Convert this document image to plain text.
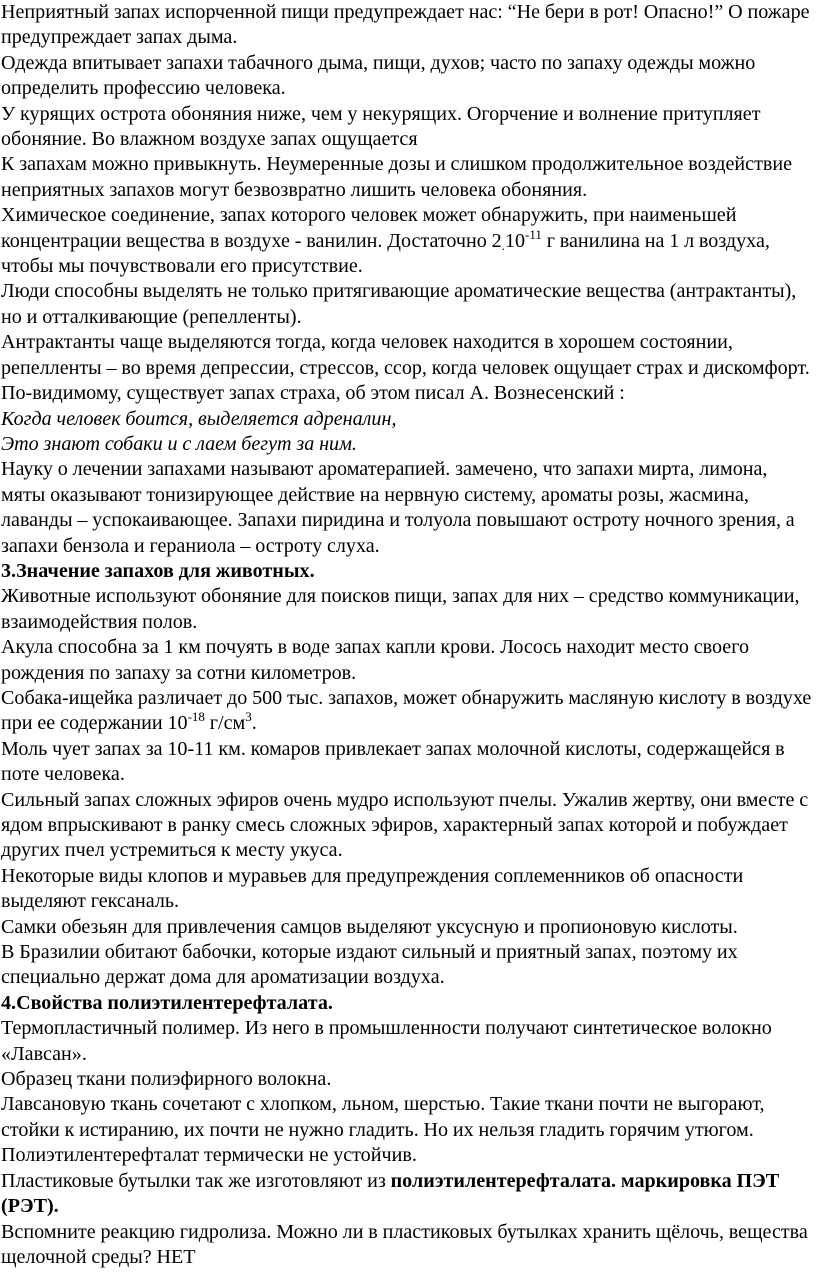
Неприятный запах испорченной пищи предупреждает нас: “Не бери в рот! Опасно!” О пожаре предупреждает запах дыма.

Одежда впитывает запахи табачного дыма, пищи, духов; часто по запаху одежды можно определить профессию человека.

У курящих острота обоняния ниже, чем у некурящих. Огорчение и волнение притупляет обоняние. Во влажном воздухе запах ощущается

К запахам можно привыкнуть. Неумеренные дозы и слишком продолжительное воздействие неприятных запахов могут безвозвратно лишить человека обоняния.

Химическое соединение, запах которого человек может обнаружить, при наименьшей концентрации вещества в воздухе - ванилин. Достаточно $2.10^{-11}$ г ванилина на 1 л воздуха, чтобы мы почувствовали его присутствие.

Люди способны выделять не только притягивающие ароматические вещества (антрактанты), но и отталкивающие (репелленты).

Антрактанты чаще выделяются тогда, когда человек находится в хорошем состоянии, репелленты – во время депрессии, стрессов, ссор, когда человек ощущает страх и дискомфорт. По-видимому, существует запах страха, об этом писал А. Вознесенский :

Когда человек боится, выделяется адреналин,

Это знают собаки и с лаем бегут за ним.

Науку о лечении запахами называют ароматерапией. замечено, что запахи мирта, лимона, мяты оказывают тонизирующее действие на нервную систему, ароматы розы, жасмина, лаванды – успокаивающее. Запахи пиридина и толуола повышают остроту ночного зрения, а запахи бензола и гераниола – остроту слуха.

3.Значение запахов для животных.

Животные используют обоняние для поисков пищи, запах для них – средство коммуникации, взаимодействия полов.

Акула способна за 1 км почуять в воде запах капли крови. Лосось находит место своего рождения по запаху за сотни километров.

Собака-ищейка различает до 500 тыс. запахов, может обнаружить масляную кислоту в воздухе при ее содержании $10^{-18}$ $г/см^3$.

Моль чует запах за 10-11 км. комаров привлекает запах молочной кислоты, содержащейся в поте человека.

Сильный запах сложных эфиров очень мудро используют пчелы. Ужалив жертву, они вместе с ядом впрыскивают в ранку смесь сложных эфиров, характерный запах которой и побуждает других пчел устремиться к месту укуса.

Некоторые виды клопов и муравьев для предупреждения соплеменников об опасности выделяют гексаналь.

Самки обезьян для привлечения самцов выделяют уксусную и пропионовую кислоты.

В Бразилии обитают бабочки, которые издают сильный и приятный запах, поэтому их специально держат дома для ароматизации воздуха.

4.Свойства полиэтилентерефталата.

Термопластичный полимер. Из него в промышленности получают синтетическое волокно «Лавсан».

Образец ткани полиэфирного волокна.

Лавсановую ткань сочетают с хлопком, льном, шерстью. Такие ткани почти не выгорают, стойки к истиранию, их почти не нужно гладить. Но их нельзя гладить горячим утюгом.

Полиэтилентерефталат термически не устойчив.

Пластиковые бутылки так же изготовляют из полиэтилентерефталата. маркировка ПЭТ (РЭТ).

Вспомните реакцию гидролиза. Можно ли в пластиковых бутылках хранить щёлочь, вещества щелочной среды? НЕТ
